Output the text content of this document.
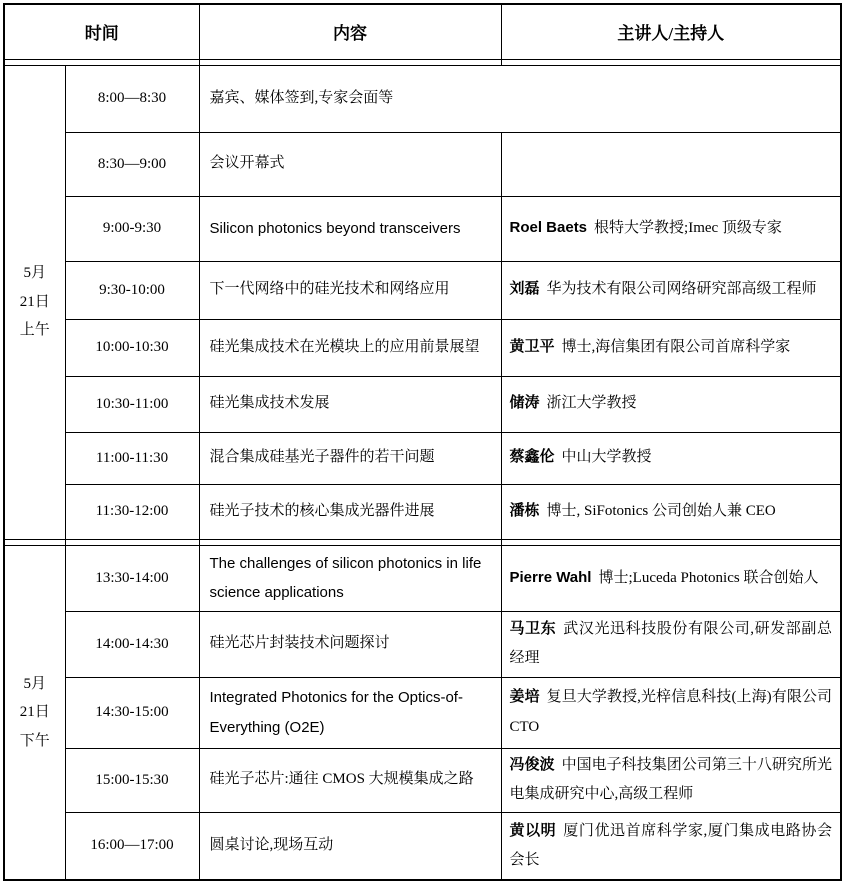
时间		内容	主讲人/主持人

5月
21日
上午	8:00—8:30	嘉宾、媒体签到,专家会面等	
	8:30—9:00	会议开幕式	
	9:00-9:30	Silicon photonics beyond transceivers	Roel Baets 根特大学教授;Imec 顶级专家
	9:30-10:00	下一代网络中的硅光技术和网络应用	刘磊 华为技术有限公司网络研究部高级工程师
	10:00-10:30	硅光集成技术在光模块上的应用前景展望	黄卫平 博士,海信集团有限公司首席科学家
	10:30-11:00	硅光集成技术发展	储涛 浙江大学教授
	11:00-11:30	混合集成硅基光子器件的若干问题	蔡鑫伦 中山大学教授
	11:30-12:00	硅光子技术的核心集成光器件进展	潘栋 博士, SiFotonics 公司创始人兼 CEO

5月
21日
下午	13:30-14:00	The challenges of silicon photonics in life science applications	Pierre Wahl 博士;Luceda Photonics 联合创始人
	14:00-14:30	硅光芯片封装技术问题探讨	马卫东 武汉光迅科技股份有限公司,研发部副总经理
	14:30-15:00	Integrated Photonics for the Optics-of-Everything (O2E)	姜培 复旦大学教授,光梓信息科技(上海)有限公司 CTO
	15:00-15:30	硅光子芯片:通往 CMOS 大规模集成之路	冯俊波 中国电子科技集团公司第三十八研究所光电集成研究中心,高级工程师
	16:00—17:00	圆桌讨论,现场互动	黄以明 厦门优迅首席科学家,厦门集成电路协会会长
